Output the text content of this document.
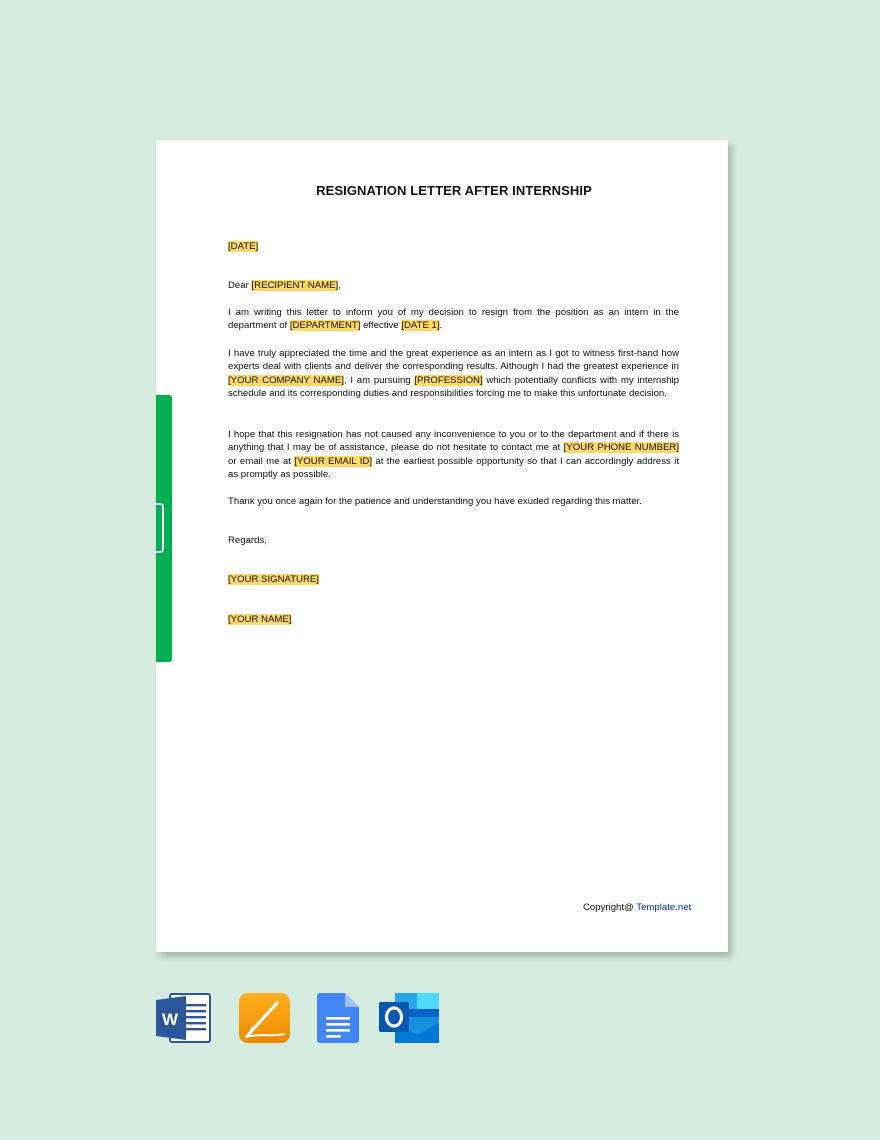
RESIGNATION LETTER AFTER INTERNSHIP
[DATE]
Dear [RECIPIENT NAME],
I am writing this letter to inform you of my decision to resign from the position as an intern in the department of [DEPARTMENT] effective [DATE 1].
I have truly appreciated the time and the great experience as an intern as I got to witness first-hand how experts deal with clients and deliver the corresponding results. Although I had the greatest experience in [YOUR COMPANY NAME], I am pursuing [PROFESSION] which potentially conflicts with my internship schedule and its corresponding duties and responsibilities forcing me to make this unfortunate decision.
I hope that this resignation has not caused any inconvenience to you or to the department and if there is anything that I may be of assistance, please do not hesitate to contact me at [YOUR PHONE NUMBER] or email me at [YOUR EMAIL ID] at the earliest possible opportunity so that I can accordingly address it as promptly as possible.
Thank you once again for the patience and understanding you have exuded regarding this matter.
Regards,
[YOUR SIGNATURE]
[YOUR NAME]
Copyright@ Template.net
W
